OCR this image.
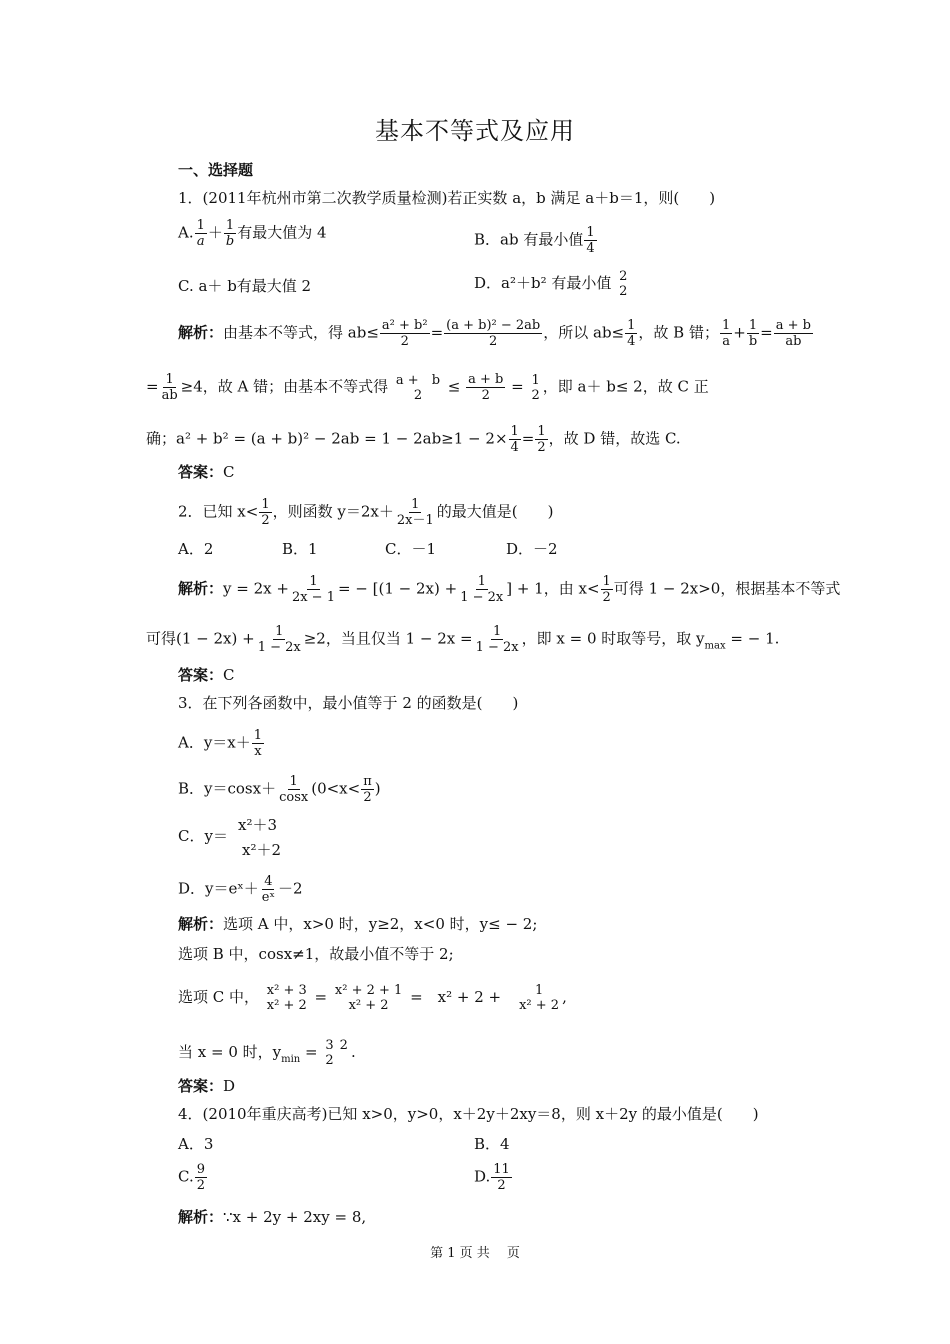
基本不等式及应用
一、选择题
1．(2011年杭州市第二次教学质量检测)若正实数 a，b 满足 a＋b＝1，则(　　)
A. $\frac{1}{a} + \frac{1}{b}$ 有最大值为 4	B．ab 有最小值 $\frac{1}{4}$
C. a＋ b有最大值 2	D．a²＋b² 有最小值 2
2
解析：由基本不等式，得 $ab\le \frac{\text{a² + b²}}{2} = \frac{\text{(a + b)² − 2ab}}{2}$ ，所以 $ab\le \frac{1}{4}$ ，故 B 错； $\frac{1}{a} + \frac{1}{b} = \frac{a + b}{ab}$
= $\frac{1}{ab} \ge 4$，故 A 错；由基本不等式得 a +　b
$2 \le \frac{a + b}{2} = 1$
2 ，即 a＋ b≤ 2，故 C 正
确；$a^2 + b^2 = (a + b)^2 - 2ab = 1 - 2ab\ge 1 - 2\times \frac{1}{4} = \frac{1}{2}$ ，故 D 错，故选 C.
答案：C
2．已知 $x< \frac{1}{2}$ ，则函数 $y=2x+ \frac{1}{2x-1}$ 的最大值是(　　)
A．2	B．1	C．－1	D．－2
解析：$y = 2x + \frac{1}{2x - 1}$ = − [$(1 - 2x) + \frac{1}{1 - 2x}$ ] + 1，由 $x< \frac{1}{2}$ 可得 1 − 2x>0，根据基本不等式
可得$(1 - 2x) + \frac{1}{1 - 2x} \ge 2$，当且仅当 $1 - 2x = \frac{1}{1 - 2x}$ ，即 x = 0 时取等号，取 $y_{max}$ = − 1.
答案：C
3．在下列各函数中，最小值等于 2 的函数是(　　)
A．$y=x+ \frac{1}{x}$
B．$y=\cos x+ \frac{1}{\cos x} (0<x< \frac{\pi}{2}$ )
C．y＝
x²＋3
x²＋2
D．y＝eˣ＋ $\frac{4}{\text{eˣ}} -2$
解析：选项 A 中，x>0 时，y≥2，x<0 时，y≤ − 2;
选项 B 中，cosx≠1，故最小值不等于 2;
选项 C 中， x² + 3
x² + 2 = x² + 2 + 1
x² + 2 =　x² + 2 +　 1
x² + 2 ,
当 x = 0 时，$y_{min} = 3$
2
2
.
答案：D
4．(2010年重庆高考)已知 x>0，y>0，x＋2y＋2xy＝8，则 x＋2y 的最小值是(　　)
A．3	B．4
C. $\frac{9}{2}$	D. $\frac{11}{2}$
解析：∵x + 2y + 2xy = 8,
第 1 页 共　 页
